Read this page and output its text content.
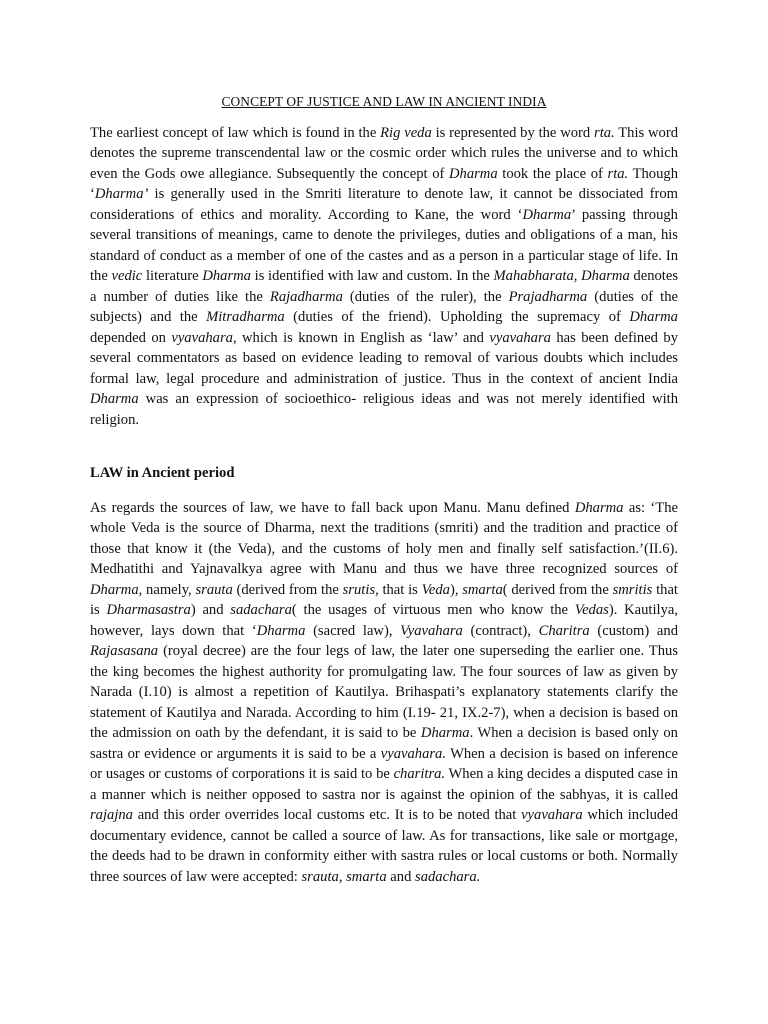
CONCEPT OF JUSTICE AND LAW IN ANCIENT INDIA

The earliest concept of law which is found in the Rig veda is represented by the word rta. This word denotes the supreme transcendental law or the cosmic order which rules the universe and to which even the Gods owe allegiance. Subsequently the concept of Dharma took the place of rta. Though ‘Dharma’ is generally used in the Smriti literature to denote law, it cannot be dissociated from considerations of ethics and morality. According to Kane, the word ‘Dharma’ passing through several transitions of meanings, came to denote the privileges, duties and obligations of a man, his standard of conduct as a member of one of the castes and as a person in a particular stage of life. In the vedic literature Dharma is identified with law and custom. In the Mahabharata, Dharma denotes a number of duties like the Rajadharma (duties of the ruler), the Prajadharma (duties of the subjects) and the Mitradharma (duties of the friend). Upholding the supremacy of Dharma depended on vyavahara, which is known in English as ‘law’ and vyavahara has been defined by several commentators as based on evidence leading to removal of various doubts which includes formal law, legal procedure and administration of justice. Thus in the context of ancient India Dharma was an expression of socioethico- religious ideas and was not merely identified with religion.

LAW in Ancient period

As regards the sources of law, we have to fall back upon Manu. Manu defined Dharma as: ‘The whole Veda is the source of Dharma, next the traditions (smriti) and the tradition and practice of those that know it (the Veda), and the customs of holy men and finally self satisfaction.’(II.6). Medhatithi and Yajnavalkya agree with Manu and thus we have three recognized sources of Dharma, namely, srauta (derived from the srutis, that is Veda), smarta( derived from the smritis that is Dharmasastra) and sadachara( the usages of virtuous men who know the Vedas). Kautilya, however, lays down that ‘Dharma (sacred law), Vyavahara (contract), Charitra (custom) and Rajasasana (royal decree) are the four legs of law, the later one superseding the earlier one. Thus the king becomes the highest authority for promulgating law. The four sources of law as given by Narada (I.10) is almost a repetition of Kautilya. Brihaspati’s explanatory statements clarify the statement of Kautilya and Narada. According to him (I.19- 21, IX.2-7), when a decision is based on the admission on oath by the defendant, it is said to be Dharma. When a decision is based only on sastra or evidence or arguments it is said to be a vyavahara. When a decision is based on inference or usages or customs of corporations it is said to be charitra. When a king decides a disputed case in a manner which is neither opposed to sastra nor is against the opinion of the sabhyas, it is called rajajna and this order overrides local customs etc. It is to be noted that vyavahara which included documentary evidence, cannot be called a source of law. As for transactions, like sale or mortgage, the deeds had to be drawn in conformity either with sastra rules or local customs or both. Normally three sources of law were accepted: srauta, smarta and sadachara.
